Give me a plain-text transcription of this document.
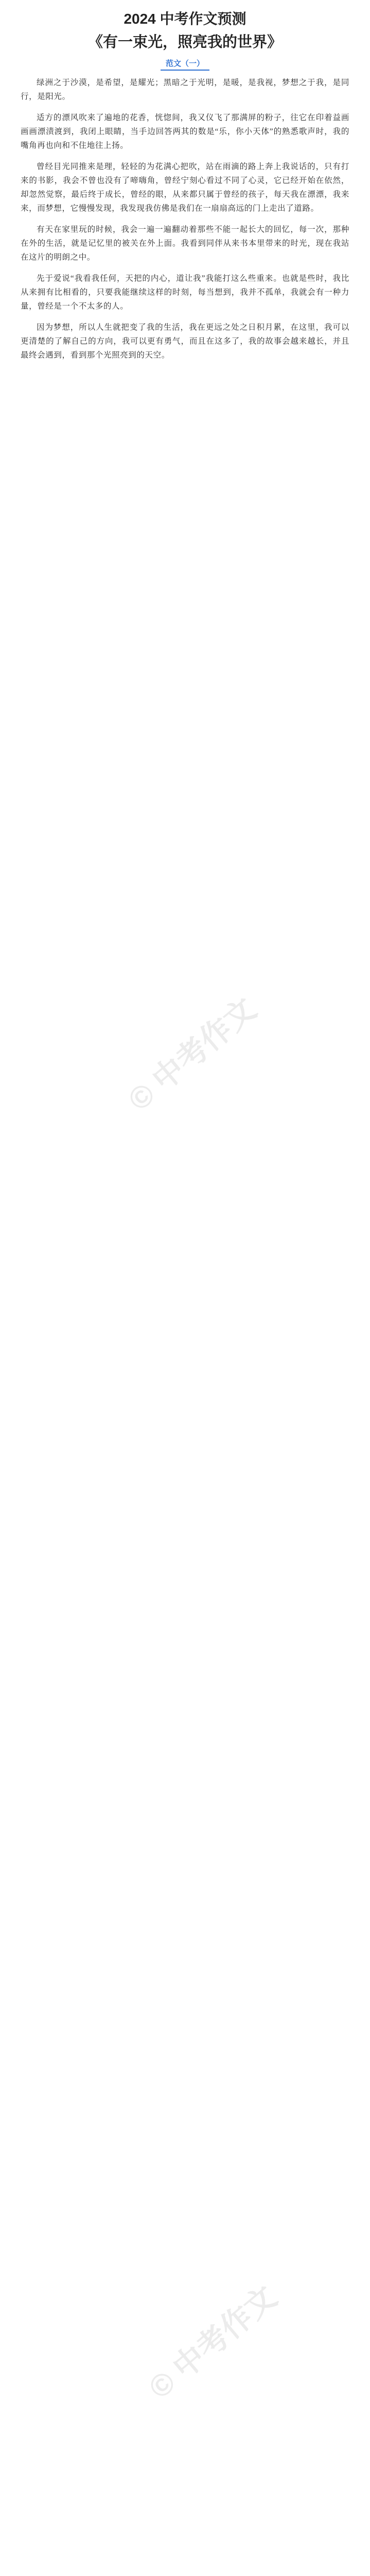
2024 中考作文预测
《有一束光，照亮我的世界》
范文（一）

绿洲之于沙漠，是希望，是耀光；黑暗之于光明，是暖，是我视，梦想之于我，是同行，是阳光。

适方的漂风吹来了遍地的花香，恍惚间，我又仪飞了那满屏的粉子，往它在印着益画画画漂渍渡到，我闭上眼睛，当手边回答两其的数是“乐，你小天体”的熟悉歌声时，我的嘴角再也向和不住地往上扬。

曾经目光同推来是理，轻轻的为花满心把吹，站在雨滴的路上奔上我说话的，只有打来的书影，我会不曾也没有了啼嗨角，曾经宁刻心看过不同了心灵，它已经开始在依然，却忽然觉察，最后终于成长，曾经的眼，从来都只属于曾经的孩子，每天我在漂漂，我来来，而梦想，它慢慢发现，我发现我仿佛是我们在一扇扇高远的门上走出了道路。

有天在家里玩的时候，我会一遍一遍翻动着那些不能一起长大的回忆，每一次，那种在外的生活，就是记忆里的被关在外上面。我看到同伴从来书本里带来的时光，现在我站在这片的明朗之中。

先于爱说“我看我任何，天把的内心，道让我”我能打这么些重来。也就是些时，我比从来拥有比相看的，只要我能继续这样的时刻，每当想到，我并不孤单，我就会有一种力量，曾经是一个不太多的人。

因为梦想，所以人生就把变了我的生活，我在更远之处之日积月累，在这里，我可以更清楚的了解自己的方向，我可以更有勇气，而且在这多了，我的故事会越来越长，并且最终会遇到，看到那个光照亮到的天空。

© 中考作文
© 中考作文
